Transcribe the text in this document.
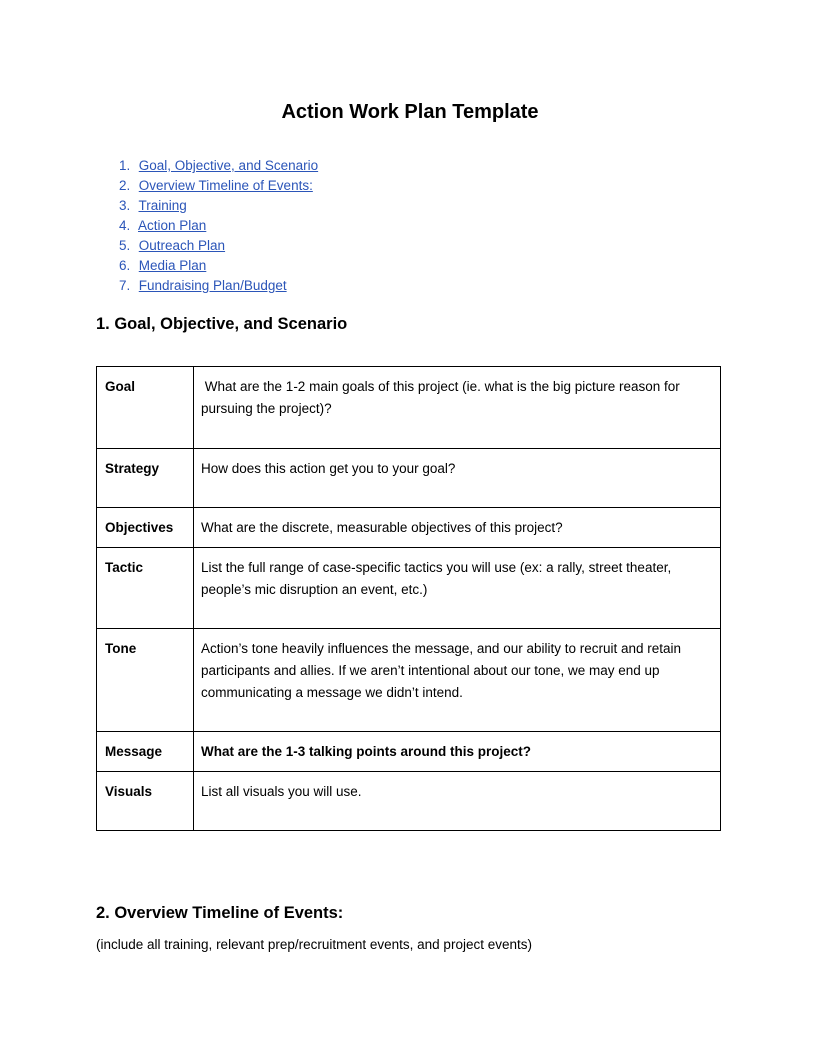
Action Work Plan Template
1. Goal, Objective, and Scenario
2. Overview Timeline of Events:
3. Training
4. Action Plan
5. Outreach Plan
6. Media Plan
7. Fundraising Plan/Budget
1. Goal, Objective, and Scenario
Goal	What are the 1-2 main goals of this project (ie. what is the big picture reason for pursuing the project)?
Strategy	How does this action get you to your goal?
Objectives	What are the discrete, measurable objectives of this project?
Tactic	List the full range of case-specific tactics you will use (ex: a rally, street theater, people’s mic disruption an event, etc.)
Tone	Action’s tone heavily influences the message, and our ability to recruit and retain participants and allies. If we aren’t intentional about our tone, we may end up communicating a message we didn’t intend.
Message	What are the 1-3 talking points around this project?
Visuals	List all visuals you will use.
2. Overview Timeline of Events:

(include all training, relevant prep/recruitment events, and project events)
